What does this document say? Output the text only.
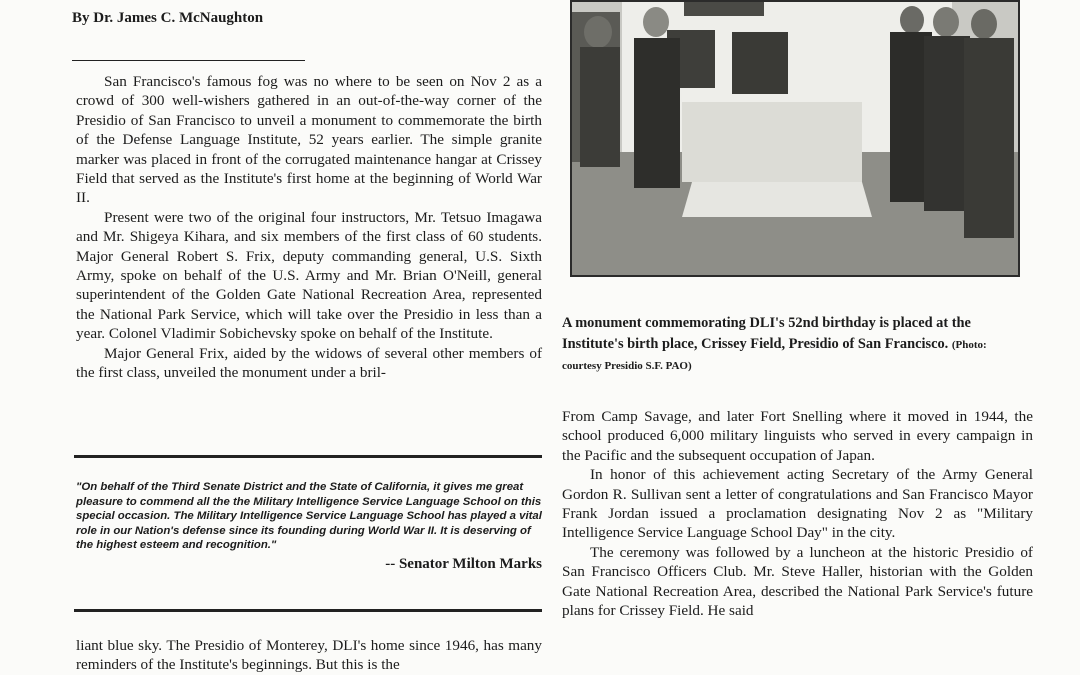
By Dr. James C. McNaughton

San Francisco's famous fog was no where to be seen on Nov 2 as a crowd of 300 well-wishers gathered in an out-of-the-way corner of the Presidio of San Francisco to unveil a monument to commemorate the birth of the Defense Language Institute, 52 years earlier. The simple granite marker was placed in front of the corrugated maintenance hangar at Crissey Field that served as the Institute's first home at the beginning of World War II.

Present were two of the original four instructors, Mr. Tetsuo Imagawa and Mr. Shigeya Kihara, and six members of the first class of 60 students. Major General Robert S. Frix, deputy commanding general, U.S. Sixth Army, spoke on behalf of the U.S. Army and Mr. Brian O'Neill, general superintendent of the Golden Gate National Recreation Area, represented the National Park Service, which will take over the Presidio in less than a year. Colonel Vladimir Sobichevsky spoke on behalf of the Institute.

Major General Frix, aided by the widows of several other members of the first class, unveiled the monument under a bril-

"On behalf of the Third Senate District and the State of California, it gives me great pleasure to commend all the the Military Intelligence Service Language School on this special occasion. The Military Intelligence Service Language School has played a vital role in our Nation's defense since its founding during World War II. It is deserving of the highest esteem and recognition."

-- Senator Milton Marks

liant blue sky. The Presidio of Monterey, DLI's home since 1946, has many reminders of the Institute's beginnings. But this is the

A monument commemorating DLI's 52nd birthday is placed at the Institute's birth place, Crissey Field, Presidio of San Francisco. (Photo: courtesy Presidio S.F. PAO)

From Camp Savage, and later Fort Snelling where it moved in 1944, the school produced 6,000 military linguists who served in every campaign in the Pacific and the subsequent occupation of Japan.

In honor of this achievement acting Secretary of the Army General Gordon R. Sullivan sent a letter of congratulations and San Francisco Mayor Frank Jordan issued a proclamation designating Nov 2 as "Military Intelligence Service Language School Day" in the city.

The ceremony was followed by a luncheon at the historic Presidio of San Francisco Officers Club. Mr. Steve Haller, historian with the Golden Gate National Recreation Area, described the National Park Service's future plans for Crissey Field. He said
